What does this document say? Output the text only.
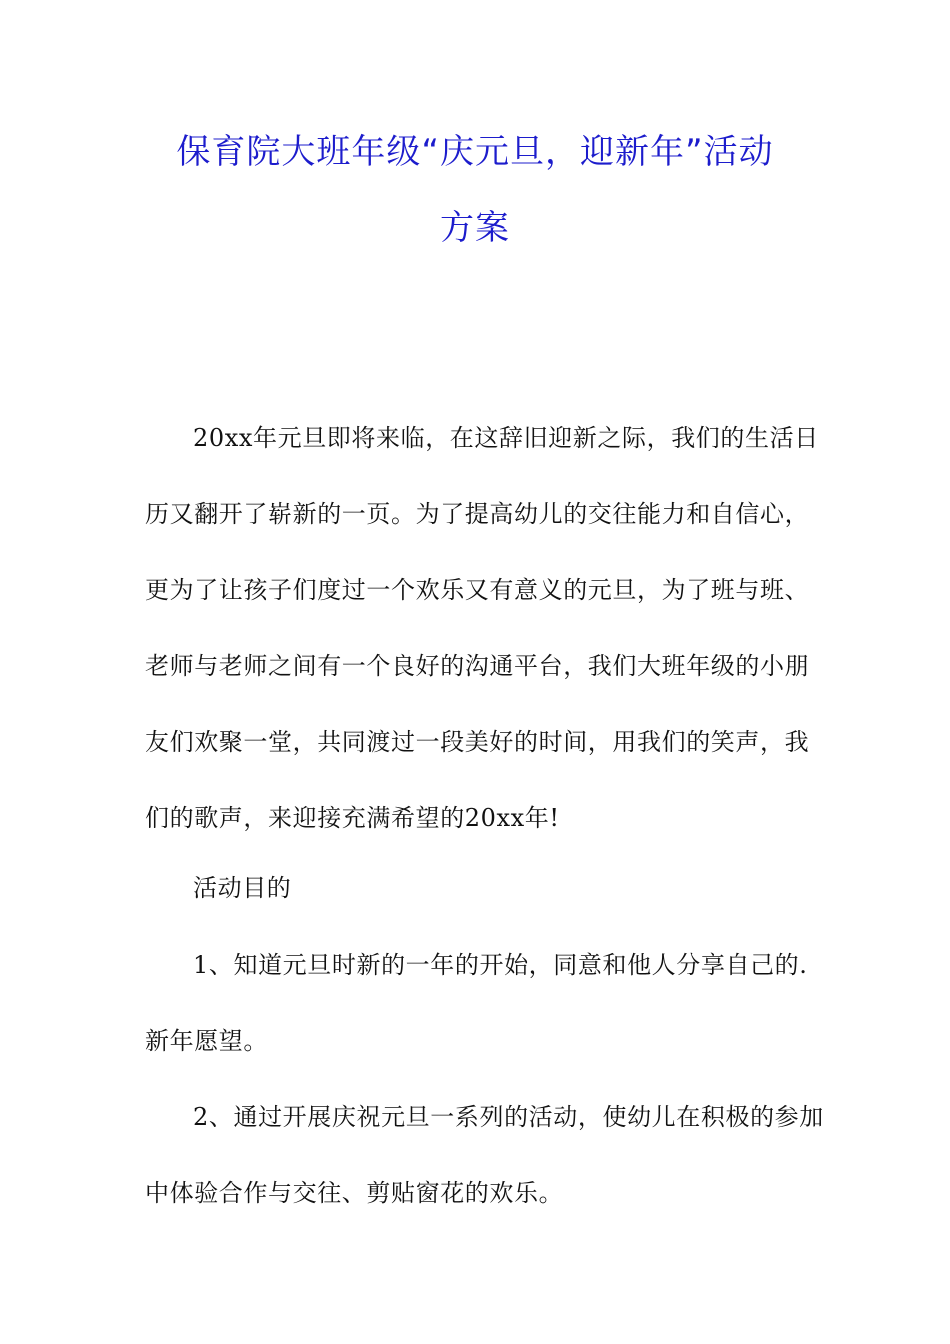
保育院大班年级“庆元旦，迎新年”活动
方案
20xx年元旦即将来临，在这辞旧迎新之际，我们的生活日
历又翻开了崭新的一页。为了提高幼儿的交往能力和自信心，
更为了让孩子们度过一个欢乐又有意义的元旦，为了班与班、
老师与老师之间有一个良好的沟通平台，我们大班年级的小朋
友们欢聚一堂，共同渡过一段美好的时间，用我们的笑声，我
们的歌声，来迎接充满希望的20xx年!
活动目的
1、知道元旦时新的一年的开始，同意和他人分享自己的.
新年愿望。
2、通过开展庆祝元旦一系列的活动，使幼儿在积极的参加
中体验合作与交往、剪贴窗花的欢乐。
